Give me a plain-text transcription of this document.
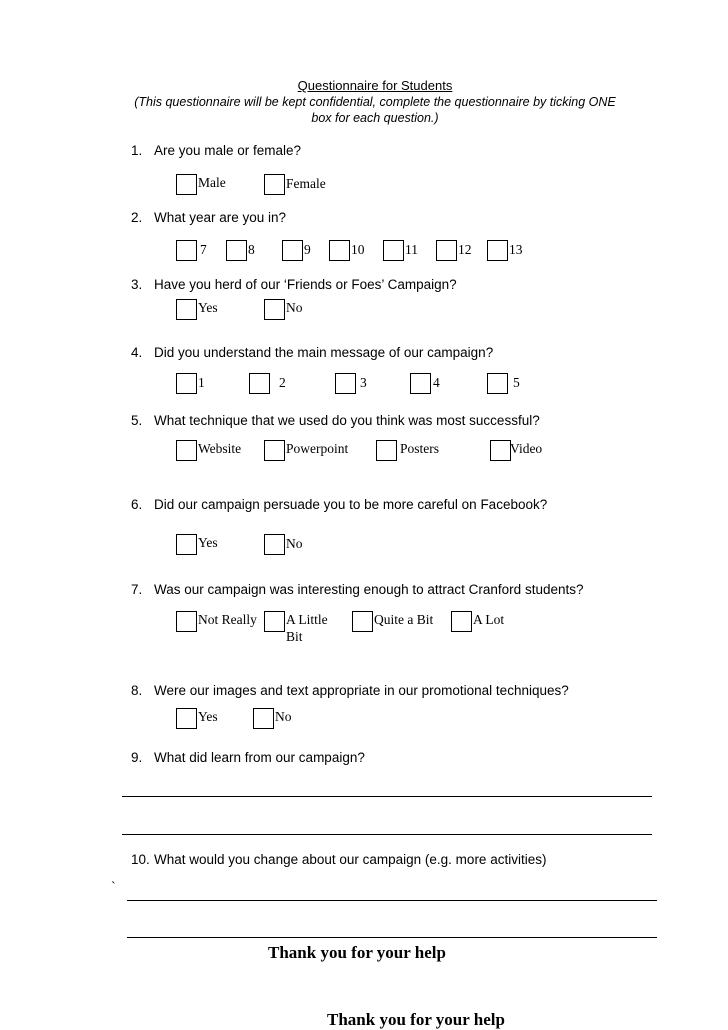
Questionnaire for Students
(This questionnaire will be kept confidential, complete the questionnaire by ticking ONE
box for each question.)
1. Are you male or female?
Male	Female
2. What year are you in?
7	8	9	10	11	12	13
3. Have you herd of our ‘Friends or Foes’ Campaign?
Yes	No
4. Did you understand the main message of our campaign?
1	2	3	4	5
5. What technique that we used do you think was most successful?
Website	Powerpoint	Posters	Video
6. Did our campaign persuade you to be more careful on Facebook?
Yes	No
7. Was our campaign was interesting enough to attract Cranford students?
Not Really A Little
Bit
Quite a Bit	A Lot
8. Were our images and text appropriate in our promotional techniques?
Yes	No
9. What did learn from our campaign?
10. What would you change about our campaign (e.g. more activities)
`
Thank you for your help
Thank you for your help
